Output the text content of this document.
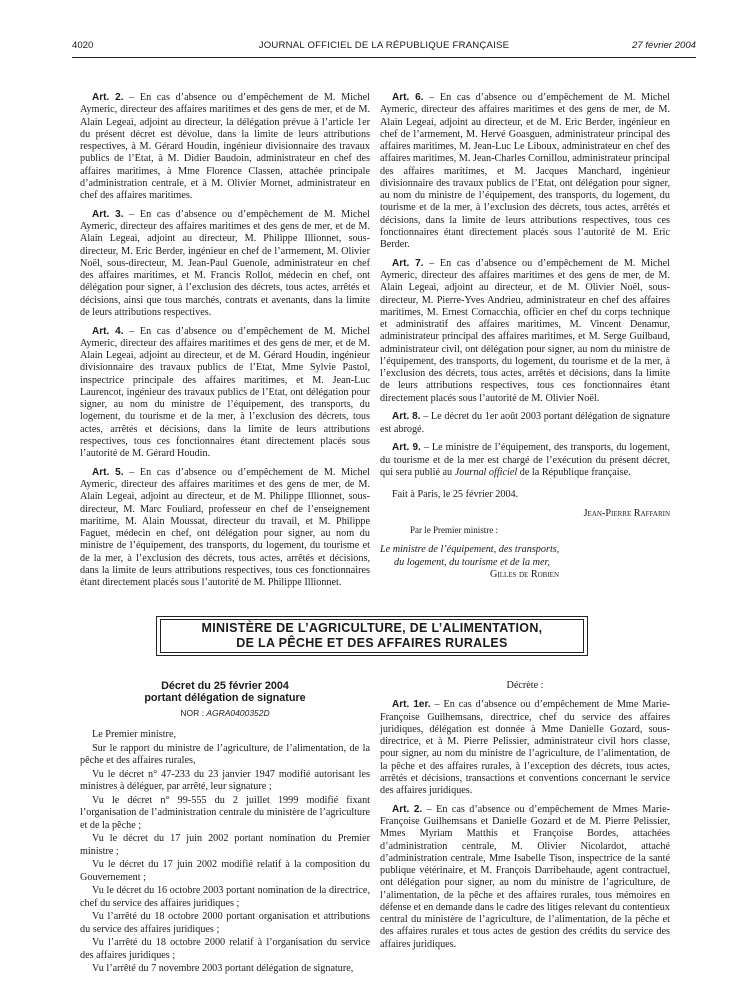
4020	JOURNAL OFFICIEL DE LA RÉPUBLIQUE FRANÇAISE	27 février 2004

Art. 2. – En cas d’absence ou d’empêchement de M. Michel Aymeric, directeur des affaires maritimes et des gens de mer, et de M. Alain Legeai, adjoint au directeur, la délégation prévue à l’article 1er du présent décret est dévolue, dans la limite de leurs attributions respectives, à M. Gérard Houdin, ingénieur divisionnaire des travaux publics de l’Etat, à M. Didier Baudoin, administrateur en chef des affaires maritimes, à Mme Florence Classen, attachée principale d’administration centrale, et à M. Olivier Mornet, administrateur en chef des affaires maritimes.

Art. 3. – En cas d’absence ou d’empêchement de M. Michel Aymeric, directeur des affaires maritimes et des gens de mer, et de M. Alain Legeai, adjoint au directeur, M. Philippe Illionnet, sous-directeur, M. Eric Berder, ingénieur en chef de l’armement, M. Olivier Noël, sous-directeur, M. Jean-Paul Guenole, administrateur en chef des affaires maritimes, et M. Francis Rollot, médecin en chef, ont délégation pour signer, à l’exclusion des décrets, tous actes, arrêtés et décisions, ainsi que tous marchés, contrats et avenants, dans la limite de leurs attributions respectives.

Art. 4. – En cas d’absence ou d’empêchement de M. Michel Aymeric, directeur des affaires maritimes et des gens de mer, et de M. Alain Legeai, adjoint au directeur, et de M. Gérard Houdin, ingénieur divisionnaire des travaux publics de l’Etat, Mme Sylvie Pastol, inspectrice principale des affaires maritimes, et M. Jean-Luc Laurencot, ingénieur des travaux publics de l’Etat, ont délégation pour signer, au nom du ministre de l’équipement, des transports, du logement, du tourisme et de la mer, à l’exclusion des décrets, tous actes, arrêtés et décisions, dans la limite de leurs attributions respectives, tous ces fonctionnaires étant directement placés sous l’autorité de M. Gérard Houdin.

Art. 5. – En cas d’absence ou d’empêchement de M. Michel Aymeric, directeur des affaires maritimes et des gens de mer, de M. Alain Legeai, adjoint au directeur, et de M. Philippe Illionnet, sous-directeur, M. Marc Fouliard, professeur en chef de l’enseignement maritime, M. Alain Moussat, directeur du travail, et M. Philippe Faguet, médecin en chef, ont délégation pour signer, au nom du ministre de l’équipement, des transports, du logement, du tourisme et de la mer, à l’exclusion des décrets, tous actes, arrêtés et décisions, dans la limite de leurs attributions respectives, tous ces fonctionnaires étant directement placés sous l’autorité de M. Philippe Illionnet.

Art. 6. – En cas d’absence ou d’empêchement de M. Michel Aymeric, directeur des affaires maritimes et des gens de mer, de M. Alain Legeai, adjoint au directeur, et de M. Eric Berder, ingénieur en chef de l’armement, M. Hervé Goasguen, administrateur principal des affaires maritimes, M. Jean-Luc Le Liboux, administrateur en chef des affaires maritimes, M. Jean-Charles Cornillou, administrateur principal des affaires maritimes, et M. Jacques Manchard, ingénieur divisionnaire des travaux publics de l’Etat, ont délégation pour signer, au nom du ministre de l’équipement, des transports, du logement, du tourisme et de la mer, à l’exclusion des décrets, tous actes, arrêtés et décisions, dans la limite de leurs attributions respectives, tous ces fonctionnaires étant directement placés sous l’autorité de M. Eric Berder.

Art. 7. – En cas d’absence ou d’empêchement de M. Michel Aymeric, directeur des affaires maritimes et des gens de mer, de M. Alain Legeai, adjoint au directeur, et de M. Olivier Noël, sous-directeur, M. Pierre-Yves Andrieu, administrateur en chef des affaires maritimes, M. Ernest Cornacchia, officier en chef du corps technique et administratif des affaires maritimes, M. Vincent Denamur, administrateur principal des affaires maritimes, et M. Serge Guilbaud, administrateur civil, ont délégation pour signer, au nom du ministre de l’équipement, des transports, du logement, du tourisme et de la mer, à l’exclusion des décrets, tous actes, arrêtés et décisions, dans la limite de leurs attributions respectives, tous ces fonctionnaires étant directement placés sous l’autorité de M. Olivier Noël.

Art. 8. – Le décret du 1er août 2003 portant délégation de signature est abrogé.

Art. 9. – Le ministre de l’équipement, des transports, du logement, du tourisme et de la mer est chargé de l’exécution du présent décret, qui sera publié au Journal officiel de la République française.

Fait à Paris, le 25 février 2004.

Jean-Pierre Raffarin

Par le Premier ministre :

Le ministre de l’équipement, des transports,

du logement, du tourisme et de la mer,

Gilles de Robien

MINISTÈRE DE L’AGRICULTURE, DE L’ALIMENTATION,
DE LA PÊCHE ET DES AFFAIRES RURALES
Décret du 25 février 2004
portant délégation de signature
NOR : AGRA0400352D

Le Premier ministre,

Sur le rapport du ministre de l’agriculture, de l’alimentation, de la pêche et des affaires rurales,

Vu le décret n° 47-233 du 23 janvier 1947 modifié autorisant les ministres à déléguer, par arrêté, leur signature ;

Vu le décret n° 99-555 du 2 juillet 1999 modifié fixant l’organisation de l’administration centrale du ministère de l’agriculture et de la pêche ;

Vu le décret du 17 juin 2002 portant nomination du Premier ministre ;

Vu le décret du 17 juin 2002 modifié relatif à la composition du Gouvernement ;

Vu le décret du 16 octobre 2003 portant nomination de la directrice, chef du service des affaires juridiques ;

Vu l’arrêté du 18 octobre 2000 portant organisation et attributions du service des affaires juridiques ;

Vu l’arrêté du 18 octobre 2000 relatif à l’organisation du service des affaires juridiques ;

Vu l’arrêté du 7 novembre 2003 portant délégation de signature,

Décrète :

Art. 1er. – En cas d’absence ou d’empêchement de Mme Marie-Françoise Guilhemsans, directrice, chef du service des affaires juridiques, délégation est donnée à Mme Danielle Gozard, sous-directrice, et à M. Pierre Pelissier, administrateur civil hors classe, pour signer, au nom du ministre de l’agriculture, de l’alimentation, de la pêche et des affaires rurales, à l’exception des décrets, tous actes, arrêtés et décisions, transactions et conventions concernant le service des affaires juridiques.

Art. 2. – En cas d’absence ou d’empêchement de Mmes Marie-Françoise Guilhemsans et Danielle Gozard et de M. Pierre Pelissier, Mmes Myriam Matthis et Françoise Bordes, attachées d’administration centrale, M. Olivier Nicolardot, attaché d’administration centrale, Mme Isabelle Tison, inspectrice de la santé publique vétérinaire, et M. François Darribehaude, agent contractuel, ont délégation pour signer, au nom du ministre de l’agriculture, de l’alimentation, de la pêche et des affaires rurales, tous mémoires en défense et en demande dans le cadre des litiges relevant du contentieux central du ministère de l’agriculture, de l’alimentation, de la pêche et des affaires rurales et tous actes de gestion des crédits du service des affaires juridiques.
